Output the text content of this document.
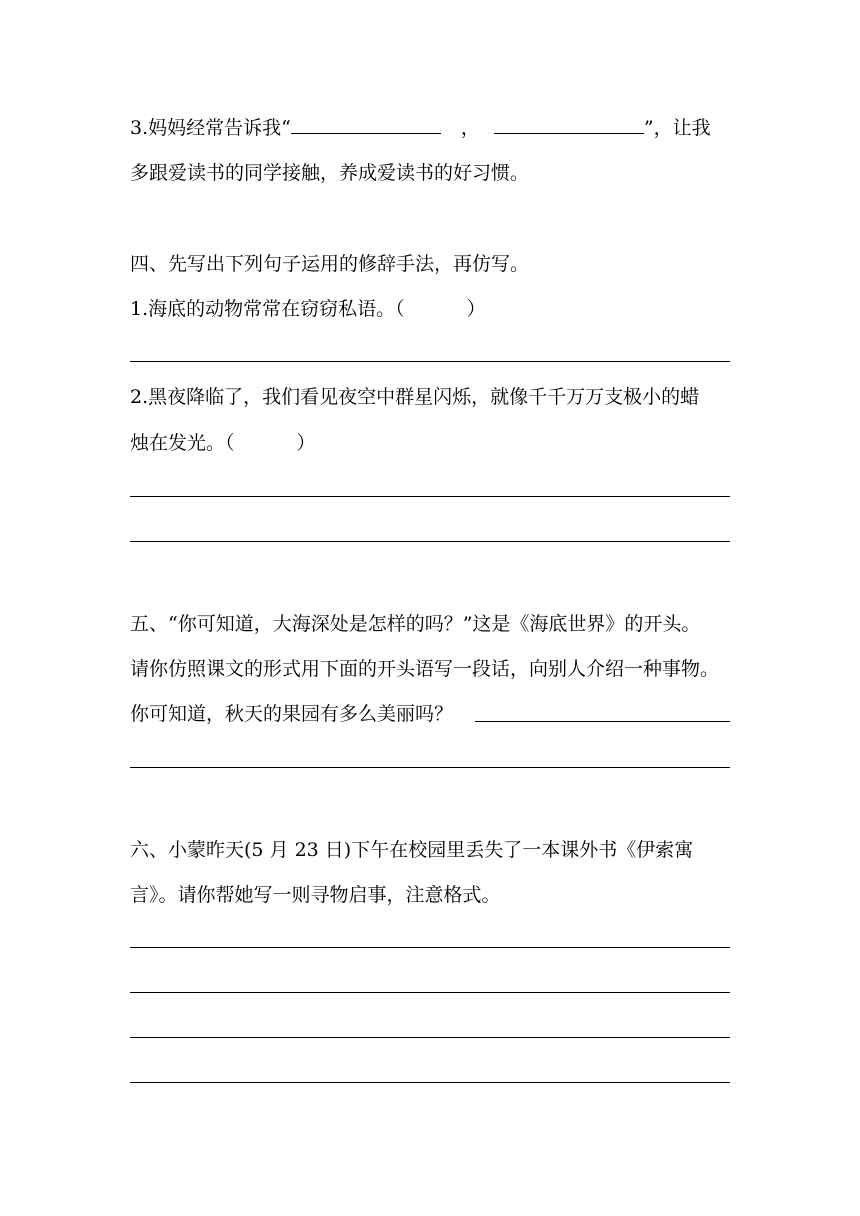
3.妈妈经常告诉我“	，	”，让我
多跟爱读书的同学接触，养成爱读书的好习惯。
四、先写出下列句子运用的修辞手法，再仿写。
1.海底的动物常常在窃窃私语。（	）
2.黑夜降临了，我们看见夜空中群星闪烁，就像千千万万支极小的蜡
烛在发光。（	）
五、“你可知道，大海深处是怎样的吗？”这是《海底世界》的开头。
请你仿照课文的形式用下面的开头语写一段话，向别人介绍一种事物。
你可知道，秋天的果园有多么美丽吗？
六、小蒙昨天(5 月 23 日)下午在校园里丢失了一本课外书《伊索寓
言》。请你帮她写一则寻物启事，注意格式。
